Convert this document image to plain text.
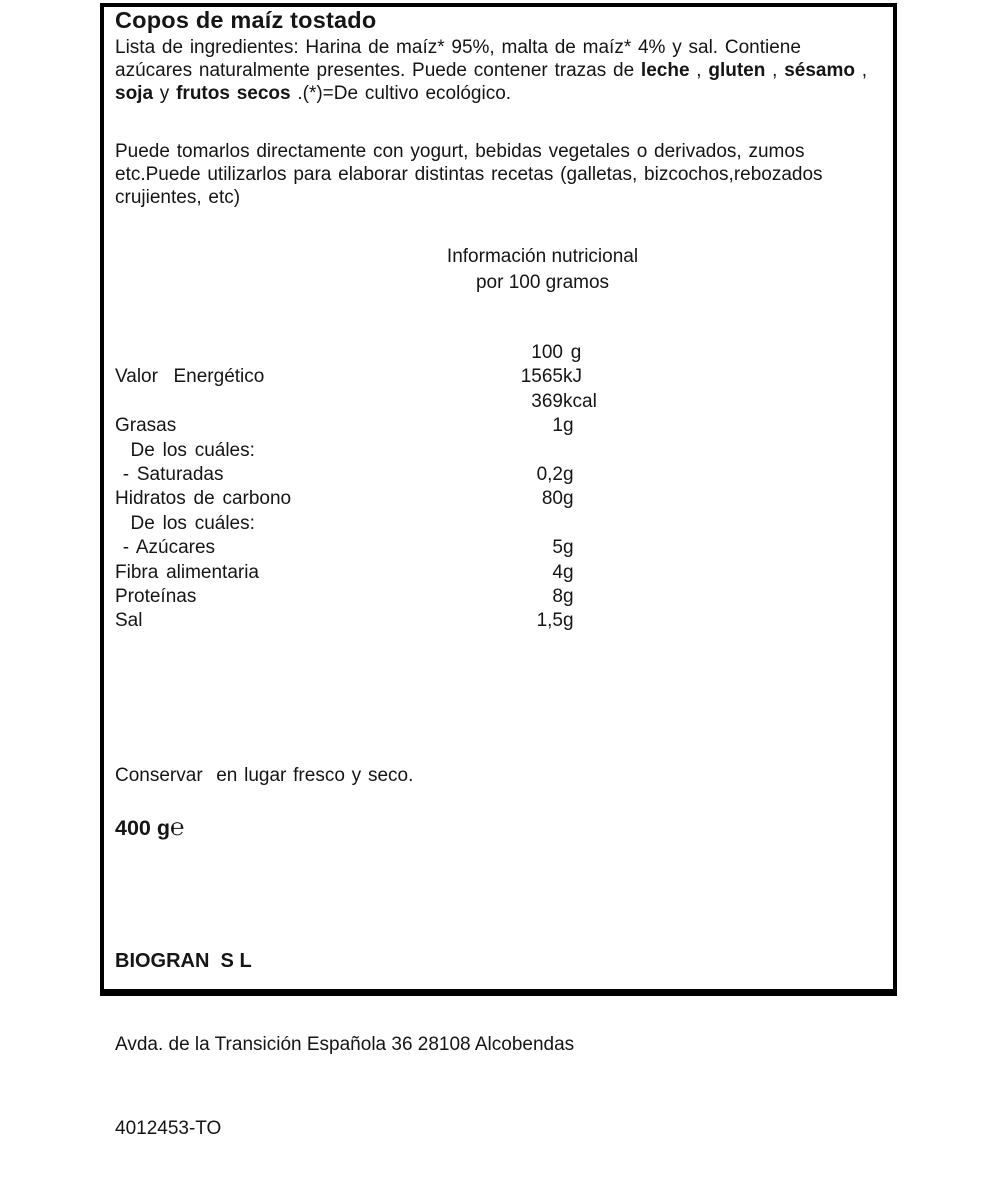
Copos de maíz tostado

Lista de ingredientes: Harina de maíz* 95%, malta de maíz* 4% y sal. Contiene azúcares naturalmente presentes. Puede contener trazas de leche , gluten , sésamo , soja y frutos secos .(*)=De cultivo ecológico.

Puede tomarlos directamente con yogurt, bebidas vegetales o derivados, zumos etc.Puede utilizarlos para elaborar distintas recetas (galletas, bizcochos,rebozados crujientes, etc)

Información nutricional
por 100 gramos
100 g
Valor  Energético	1565 kJ
369 kcal
Grasas	1 g
De los cuáles:
- Saturadas	0,2 g
Hidratos de carbono	80 g
De los cuáles:
- Azúcares	5 g
Fibra alimentaria	4 g
Proteínas	8 g
Sal	1,5 g

Conservar  en lugar fresco y seco.

400 g℮

BIOGRAN  S L

Avda. de la Transición Española 36 28108 Alcobendas

4012453-TO
